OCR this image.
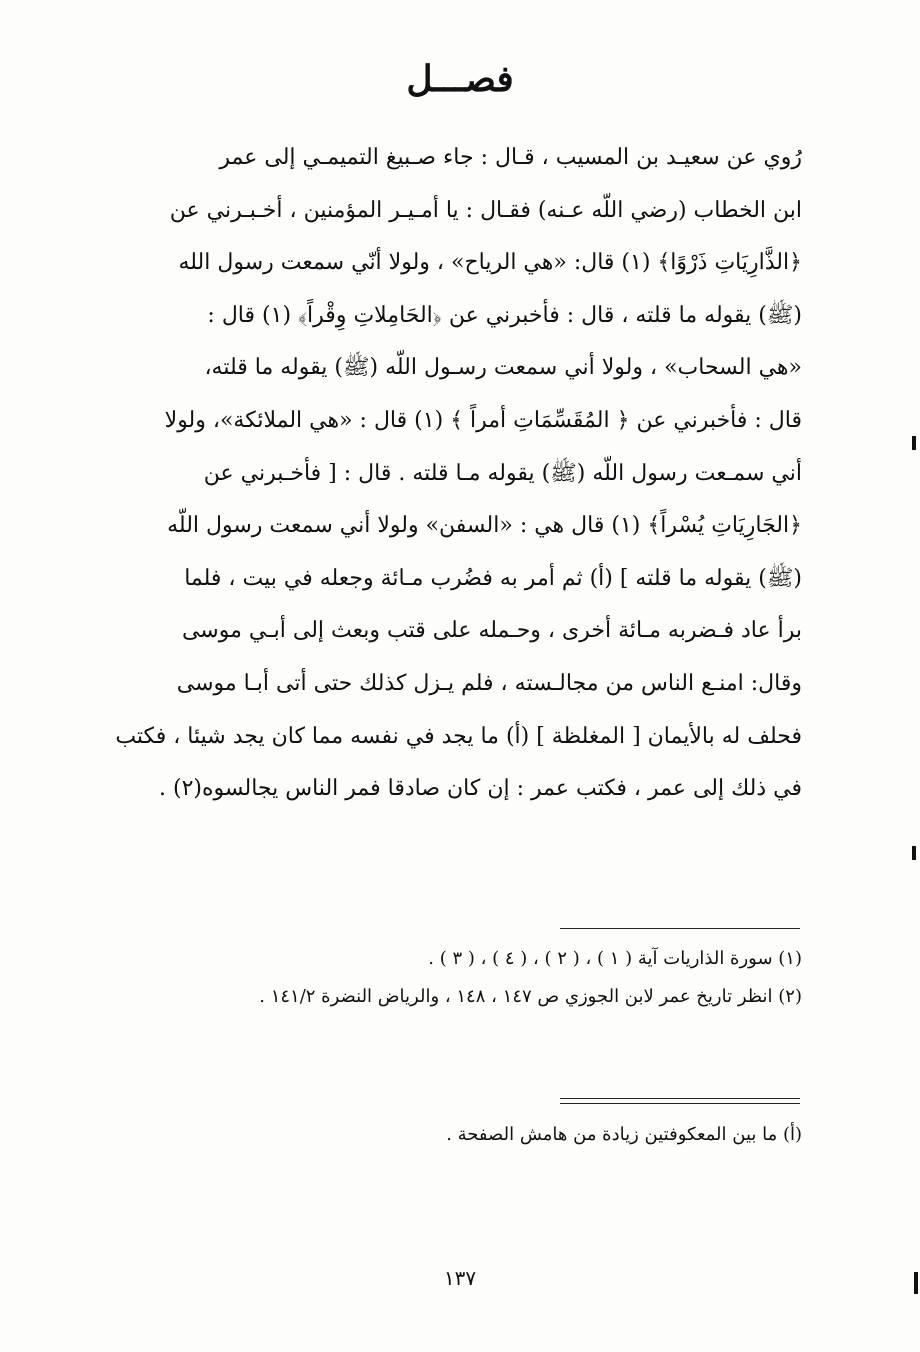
فصـــل
رُوي عن سعيـد بن المسيب ، قـال : جاء صـبيغ التميمـي إلى عمر
ابن الخطاب (رضي اللّه عـنه) فقـال : يا أمـيـر المؤمنين ، أخـبـرني عن
﴿الذَّارِيَاتِ ذَرْوًا﴾ (١) قال: «هي الرياح» ، ولولا أنّي سمعت رسول الله
(ﷺ) يقوله ما قلته ، قال : فأخبرني عن ﴿الحَامِلاتِ وِقْراً﴾ (١) قال :
«هي السحاب» ، ولولا أني سمعت رسـول اللّه (ﷺ) يقوله ما قلته،
قال : فأخبرني عن ﴿ المُقَسِّمَاتِ أمراً ﴾ (١) قال : «هي الملائكة»، ولولا
أني سمـعت رسول اللّه (ﷺ) يقوله مـا قلته . قال : [ فأخـبرني عن
﴿الجَارِيَاتِ يُسْراً﴾ (١) قال هي : «السفن» ولولا أني سمعت رسول اللّه
(ﷺ) يقوله ما قلته ] (أ) ثم أمر به فضُرب مـائة وجعله في بيت ، فلما
برأ عاد فـضربه مـائة أخرى ، وحـمله على قتب وبعث إلى أبـي موسى
وقال: امنـع الناس من مجالـسته ، فلم يـزل كذلك حتى أتى أبـا موسى
فحلف له بالأيمان [ المغلظة ] (أ) ما يجد في نفسه مما كان يجد شيئا ، فكتب
في ذلك إلى عمر ، فكتب عمر : إن كان صادقا فمر الناس يجالسوه(٢) .
(١) سورة الذاريات آية ( ١ ) ، ( ٢ ) ، ( ٤ ) ، ( ٣ ) .
(٢) انظر تاريخ عمر لابن الجوزي ص ١٤٧ ، ١٤٨ ، والرياض النضرة ١٤١/٢ .
(أ) ما بين المعكوفتين زيادة من هامش الصفحة .
١٣٧
